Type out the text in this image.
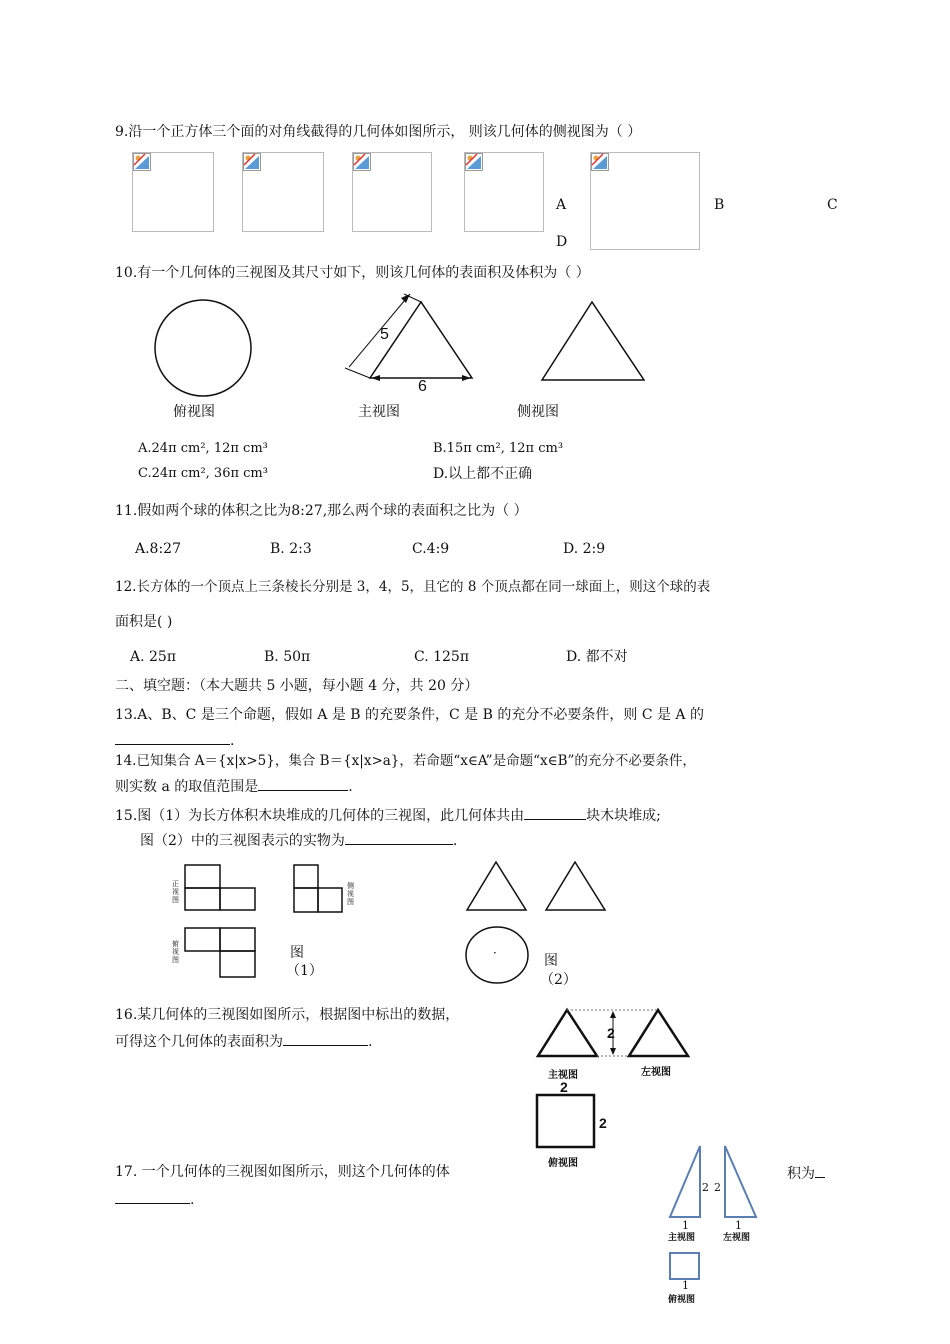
9.沿一个正方体三个面的对角线截得的几何体如图所示， 则该几何体的侧视图为（ ）
A	B	C
D
10.有一个几何体的三视图及其尺寸如下，则该几何体的表面积及体积为（ ）
5
6
俯视图	主视图	侧视图
A.24π cm², 12π cm³	B.15π cm², 12π cm³
C.24π cm², 36π cm³	D.以上都不正确
11.假如两个球的体积之比为8:27,那么两个球的表面积之比为（ ）
A.8:27	B. 2:3	C.4:9	D. 2:9
12.长方体的一个顶点上三条棱长分别是 3，4，5，且它的 8 个顶点都在同一球面上，则这个球的表
面积是( )
A. 25π	B. 50π	C. 125π	D. 都不对
二、填空题：（本大题共 5 小题，每小题 4 分，共 20 分）
13.A、B、C 是三个命题，假如 A 是 B 的充要条件，C 是 B 的充分不必要条件，则 C 是 A 的
.
14.已知集合 A＝{x|x>5}，集合 B＝{x|x>a}，若命题“x∈A”是命题“x∈B”的充分不必要条件，
则实数 a 的取值范围是	.
15.图（1）为长方体积木块堆成的几何体的三视图，此几何体共由	块木块堆成;
图（2）中的三视图表示的实物为	.
正视图
侧视图
俯视图	图
（1）
·	图
（2）
16.某几何体的三视图如图所示，根据图中标出的数据，
可得这个几何体的表面积为	.
2
主视图	左视图
2
2
俯视图
17. 一个几何体的三视图如图所示，则这个几何体的体	积为
.
2 2
1	1
主视图	左视图
1
俯视图
